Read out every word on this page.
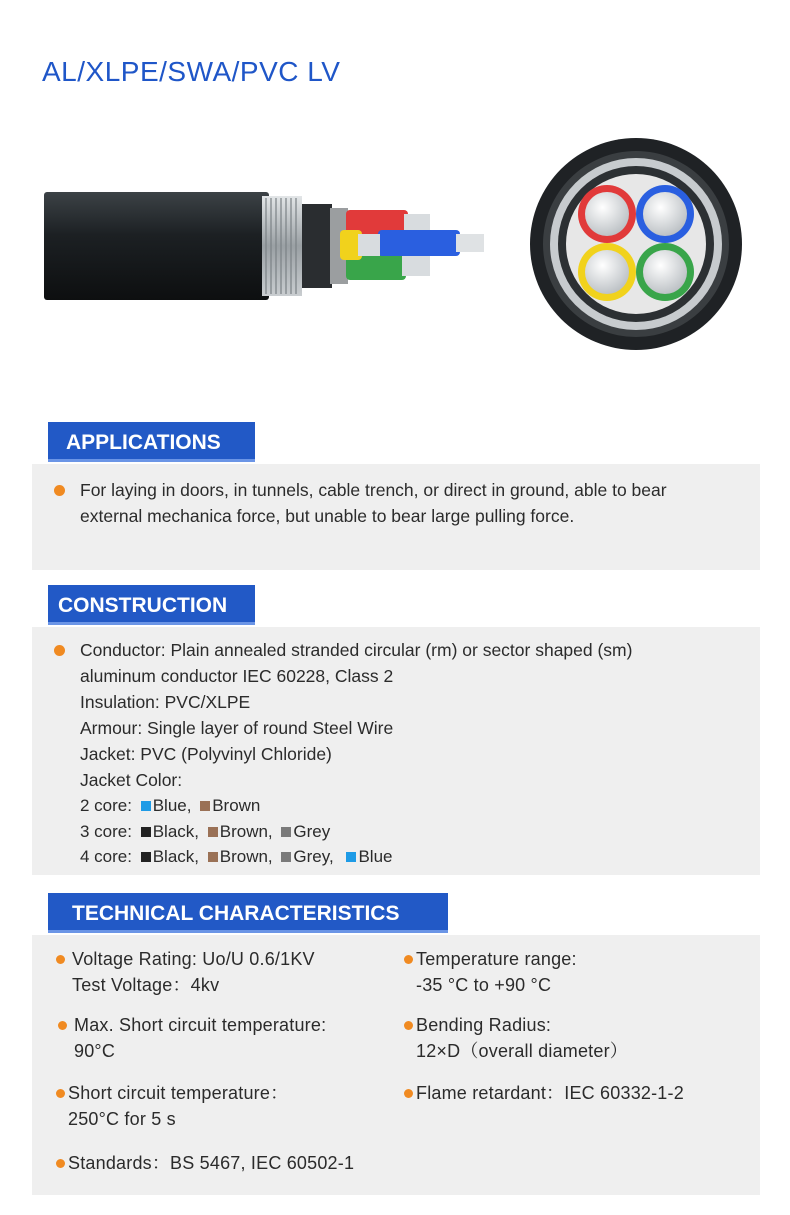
AL/XLPE/SWA/PVC LV
APPLICATIONS
For laying in doors, in tunnels, cable trench, or direct in ground, able to bear
external mechanica force, but unable to bear large pulling force.
CONSTRUCTION
Conductor: Plain annealed stranded circular (rm) or sector shaped (sm)
aluminum conductor IEC 60228, Class 2
Insulation: PVC/XLPE
Armour: Single layer of round Steel Wire
Jacket: PVC (Polyvinyl Chloride)
Jacket Color:
2 core: Blue, Brown
3 core: Black, Brown, Grey
4 core: Black, Brown, Grey, Blue
TECHNICAL CHARACTERISTICS
Voltage Rating: Uo/U 0.6/1KV
Test Voltage：4kv
Temperature range:
-35 °C to +90 °C
Max. Short circuit temperature:
90°C
Bending Radius:
12×D（overall diameter）
Short circuit temperature：
250°C for 5 s
Flame retardant：IEC 60332-1-2
Standards：BS 5467, IEC 60502-1
